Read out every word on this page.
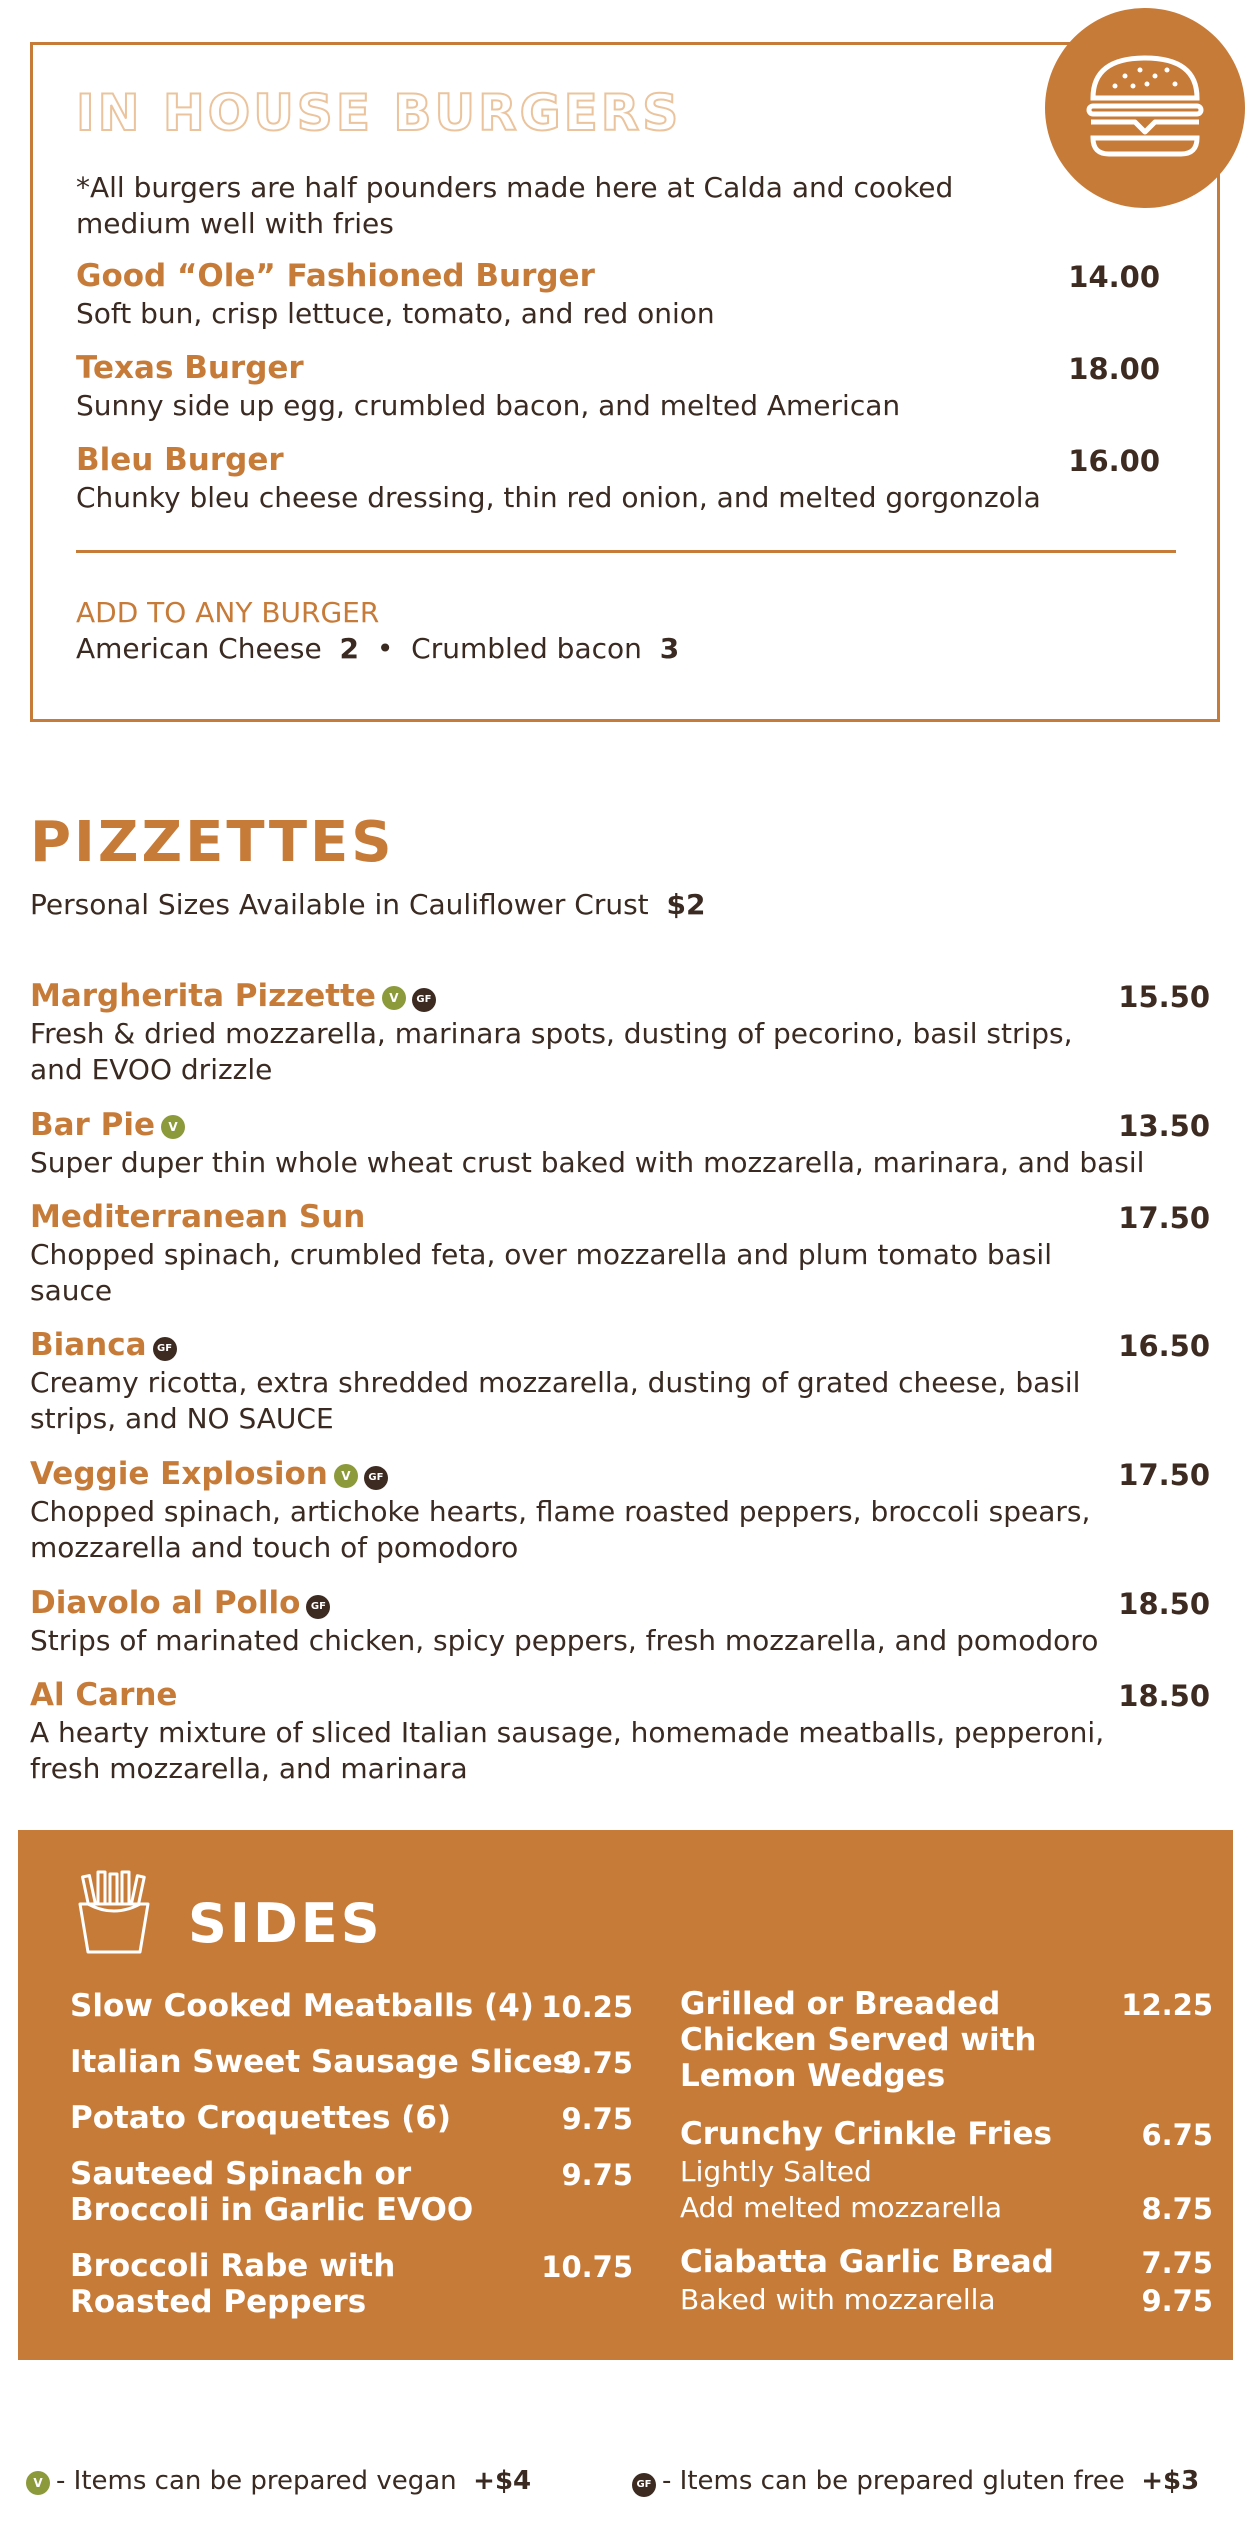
IN HOUSE BURGERS
*All burgers are half pounders made here at Calda and cooked medium well with fries
Good “Ole” Fashioned Burger	14.00
Soft bun, crisp lettuce, tomato, and red onion
Texas Burger	18.00
Sunny side up egg, crumbled bacon, and melted American
Bleu Burger	16.00
Chunky bleu cheese dressing, thin red onion, and melted gorgonzola
ADD TO ANY BURGER
American Cheese 2  •  Crumbled bacon 3
PIZZETTES
Personal Sizes Available in Cauliflower Crust $2
Margherita Pizzette V GF	15.50
Fresh & dried mozzarella, marinara spots, dusting of pecorino, basil strips, and EVOO drizzle
Bar Pie V	13.50
Super duper thin whole wheat crust baked with mozzarella, marinara, and basil
Mediterranean Sun	17.50
Chopped spinach, crumbled feta, over mozzarella and plum tomato basil sauce
Bianca GF	16.50
Creamy ricotta, extra shredded mozzarella, dusting of grated cheese, basil strips, and NO SAUCE
Veggie Explosion V GF	17.50
Chopped spinach, artichoke hearts, flame roasted peppers, broccoli spears, mozzarella and touch of pomodoro
Diavolo al Pollo GF	18.50
Strips of marinated chicken, spicy peppers, fresh mozzarella, and pomodoro
Al Carne	18.50
A hearty mixture of sliced Italian sausage, homemade meatballs, pepperoni, fresh mozzarella, and marinara
SIDES
Slow Cooked Meatballs (4) 10.25
Italian Sweet Sausage Slices
9.75
Potato Croquettes (6)	9.75
Sauteed Spinach or Broccoli in Garlic EVOO
9.75
Broccoli Rabe with Roasted Peppers
10.75
Grilled or Breaded Chicken Served with Lemon Wedges
12.25
Crunchy Crinkle Fries	6.75
Lightly Salted
Add melted mozzarella	8.75
Ciabatta Garlic Bread	7.75
Baked with mozzarella	9.75
V - Items can be prepared vegan +$4	GF - Items can be prepared gluten free +$3
